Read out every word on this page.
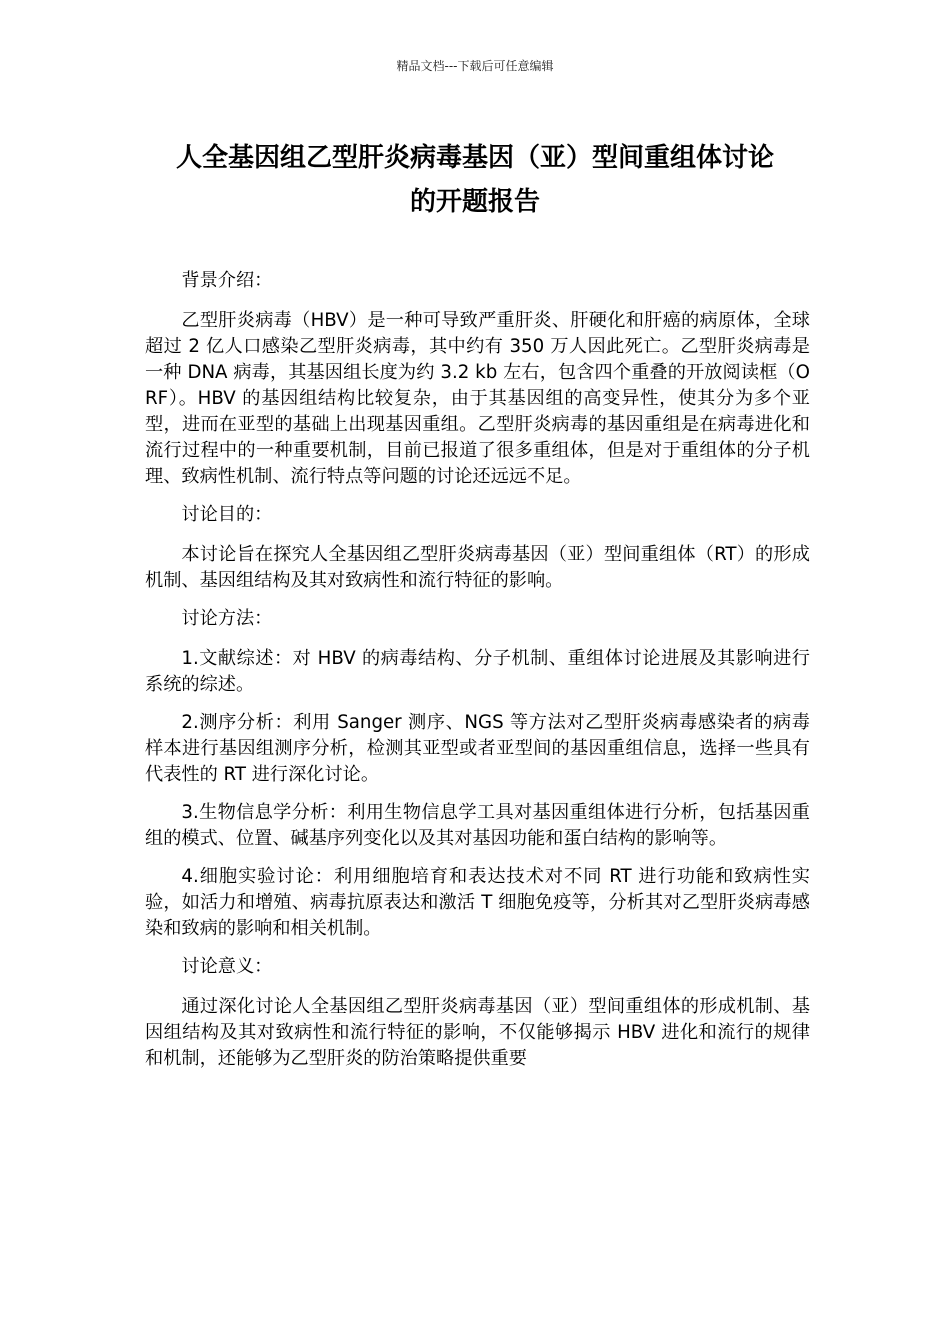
精品文档---下载后可任意编辑
人全基因组乙型肝炎病毒基因（亚）型间重组体讨论
的开题报告

背景介绍：

乙型肝炎病毒（HBV）是一种可导致严重肝炎、肝硬化和肝癌的病原体，全球超过 2 亿人口感染乙型肝炎病毒，其中约有 350 万人因此死亡。乙型肝炎病毒是一种 DNA 病毒，其基因组长度为约 3.2 kb 左右，包含四个重叠的开放阅读框（ORF）。HBV 的基因组结构比较复杂，由于其基因组的高变异性，使其分为多个亚型，进而在亚型的基础上出现基因重组。乙型肝炎病毒的基因重组是在病毒进化和流行过程中的一种重要机制，目前已报道了很多重组体，但是对于重组体的分子机理、致病性机制、流行特点等问题的讨论还远远不足。

讨论目的：

本讨论旨在探究人全基因组乙型肝炎病毒基因（亚）型间重组体（RT）的形成机制、基因组结构及其对致病性和流行特征的影响。

讨论方法：

1.文献综述：对 HBV 的病毒结构、分子机制、重组体讨论进展及其影响进行系统的综述。

2.测序分析：利用 Sanger 测序、NGS 等方法对乙型肝炎病毒感染者的病毒样本进行基因组测序分析，检测其亚型或者亚型间的基因重组信息，选择一些具有代表性的 RT 进行深化讨论。

3.生物信息学分析：利用生物信息学工具对基因重组体进行分析，包括基因重组的模式、位置、碱基序列变化以及其对基因功能和蛋白结构的影响等。

4.细胞实验讨论：利用细胞培育和表达技术对不同 RT 进行功能和致病性实验，如活力和增殖、病毒抗原表达和激活 T 细胞免疫等，分析其对乙型肝炎病毒感染和致病的影响和相关机制。

讨论意义：

通过深化讨论人全基因组乙型肝炎病毒基因（亚）型间重组体的形成机制、基因组结构及其对致病性和流行特征的影响，不仅能够揭示 HBV 进化和流行的规律和机制，还能够为乙型肝炎的防治策略提供重要
